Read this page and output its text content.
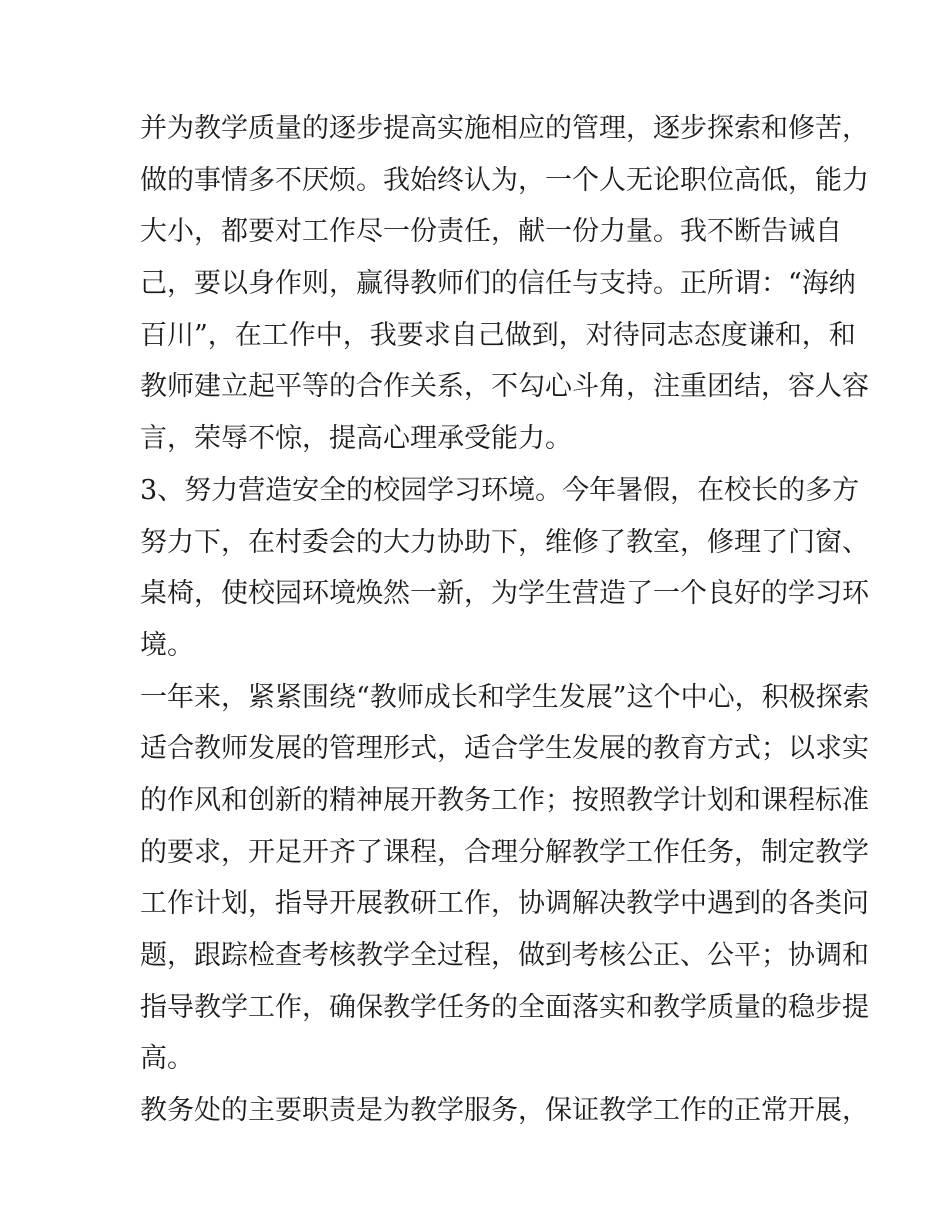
并为教学质量的逐步提高实施相应的管理，逐步探索和修苦，
做的事情多不厌烦。我始终认为，一个人无论职位高低，能力
大小，都要对工作尽一份责任，献一份力量。我不断告诫自
己，要以身作则，赢得教师们的信任与支持。正所谓：“海纳
百川”，在工作中，我要求自己做到，对待同志态度谦和，和
教师建立起平等的合作关系，不勾心斗角，注重团结，容人容
言，荣辱不惊，提高心理承受能力。
3、努力营造安全的校园学习环境。今年暑假，在校长的多方
努力下，在村委会的大力协助下，维修了教室，修理了门窗、
桌椅，使校园环境焕然一新，为学生营造了一个良好的学习环
境。
一年来，紧紧围绕“教师成长和学生发展”这个中心，积极探索
适合教师发展的管理形式，适合学生发展的教育方式；以求实
的作风和创新的精神展开教务工作；按照教学计划和课程标准
的要求，开足开齐了课程，合理分解教学工作任务，制定教学
工作计划，指导开展教研工作，协调解决教学中遇到的各类问
题，跟踪检查考核教学全过程，做到考核公正、公平；协调和
指导教学工作，确保教学任务的全面落实和教学质量的稳步提
高。
教务处的主要职责是为教学服务，保证教学工作的正常开展，
